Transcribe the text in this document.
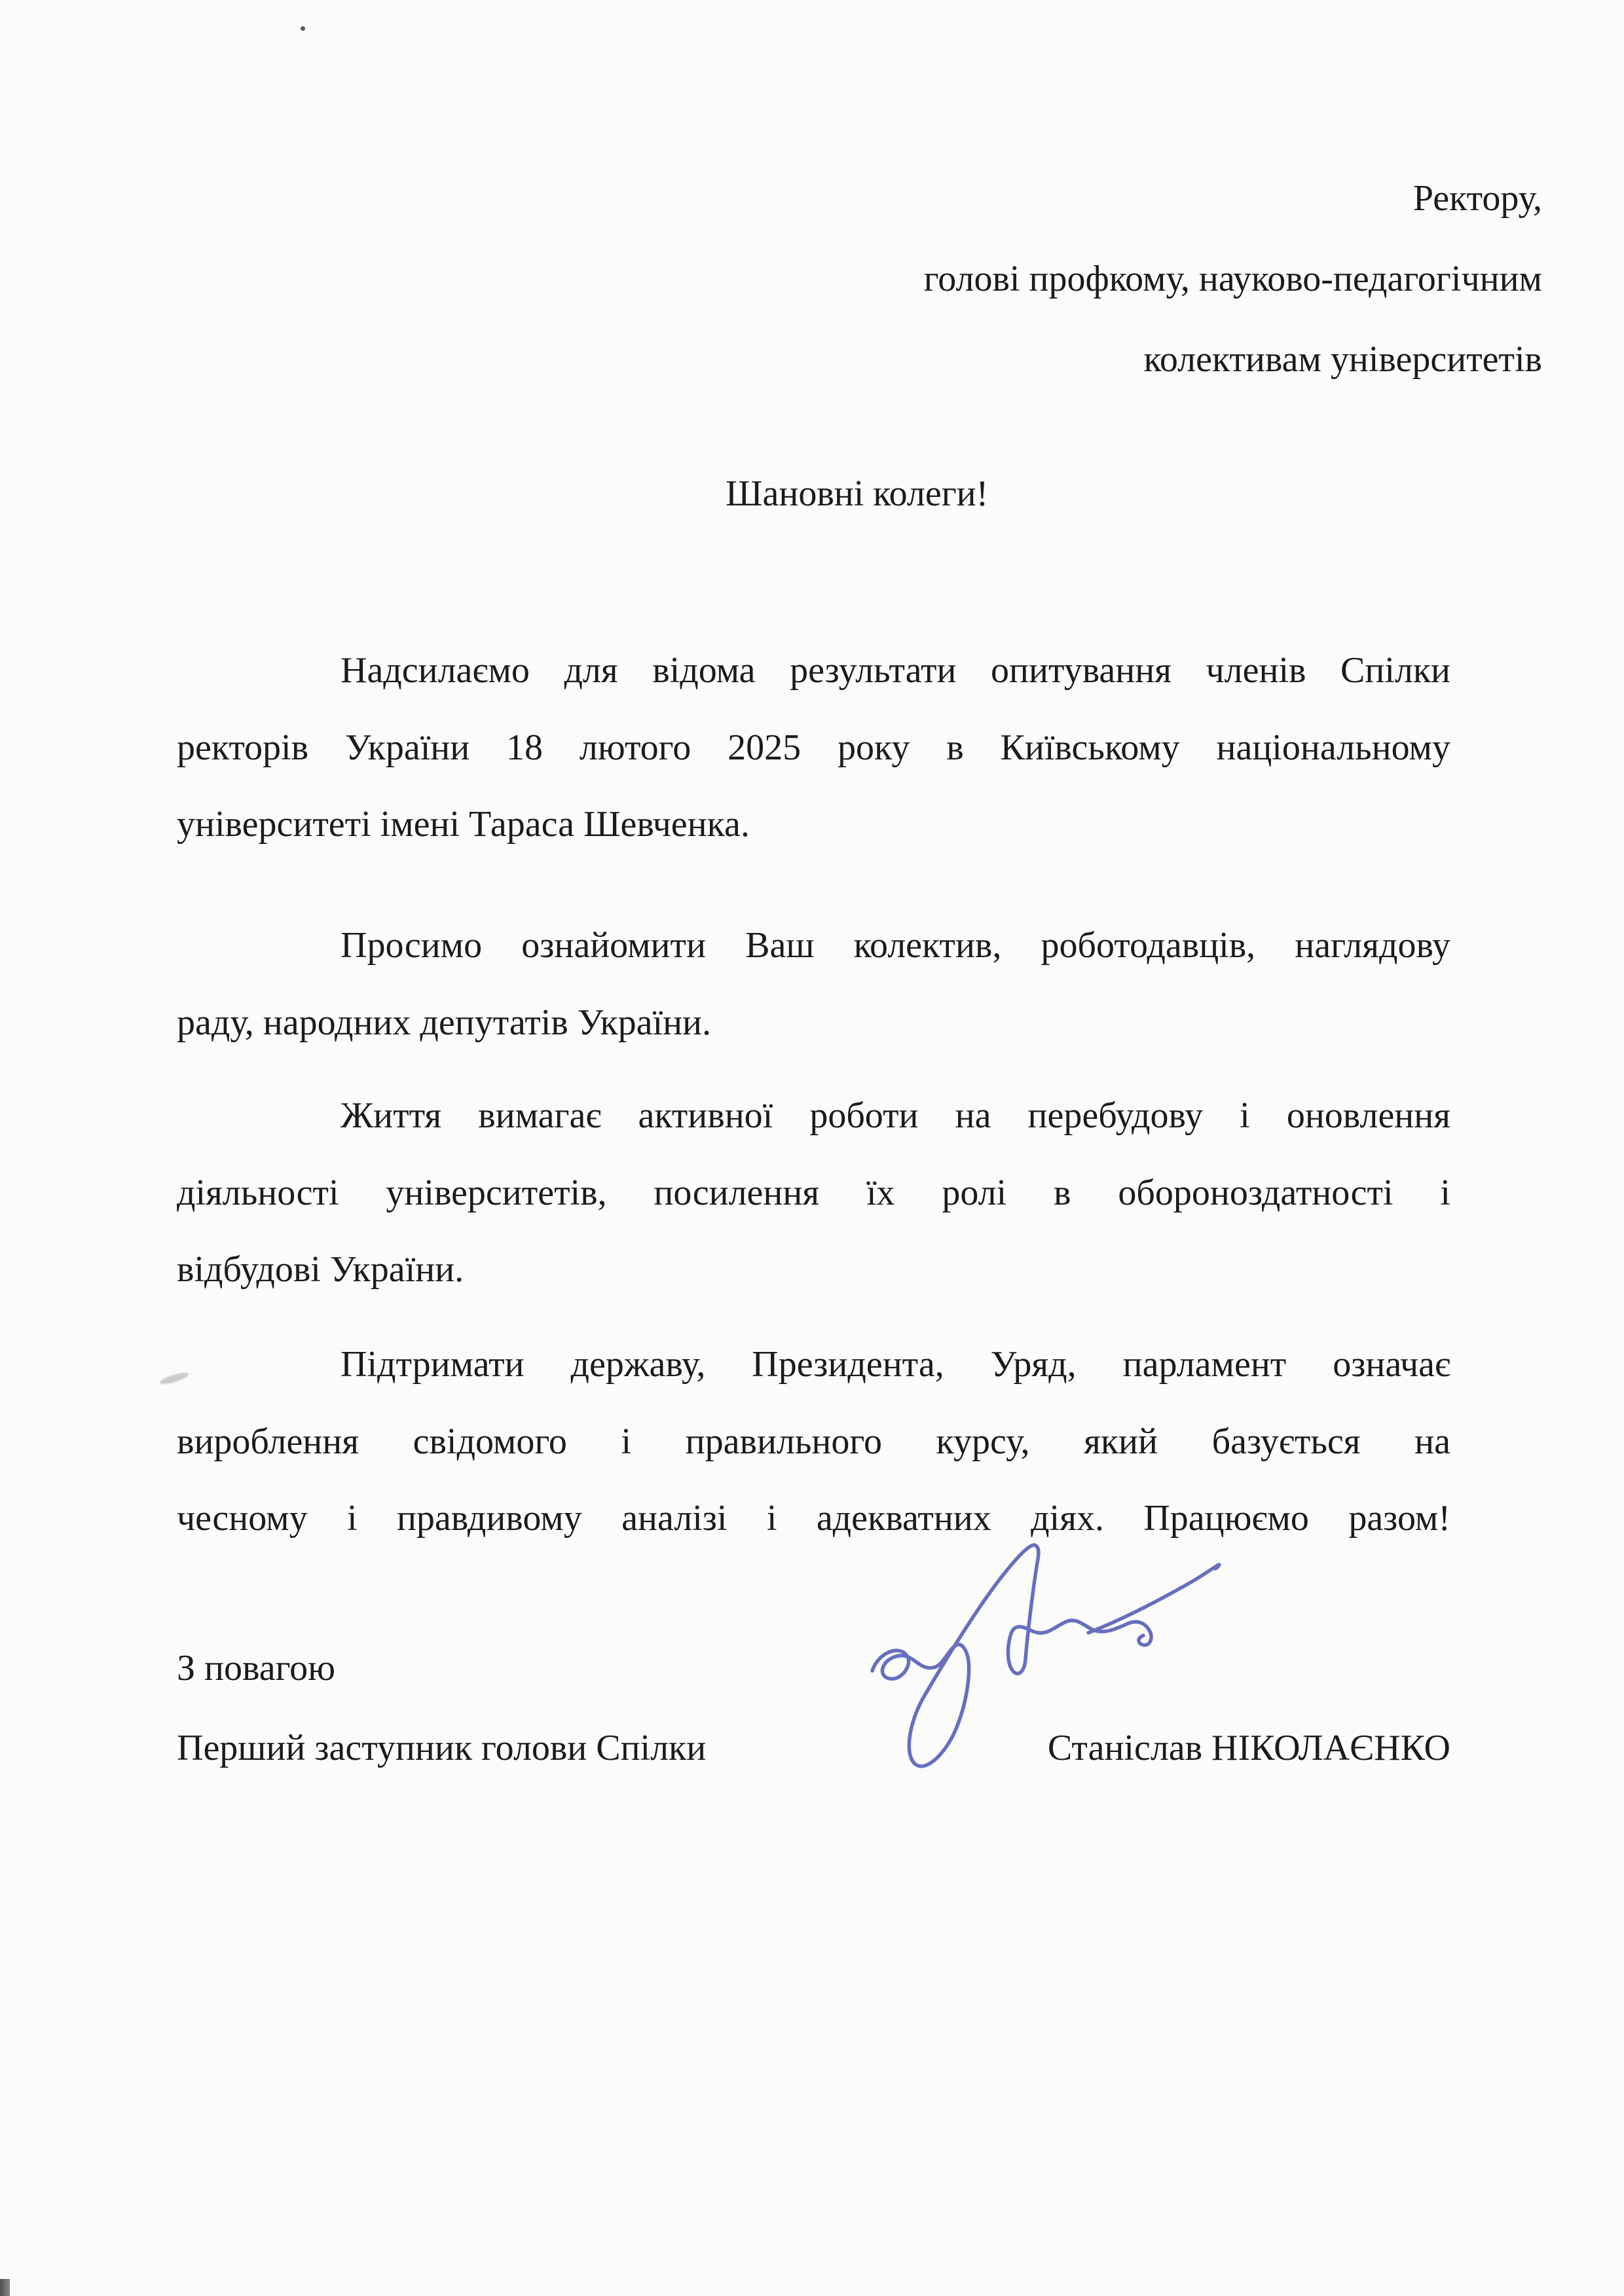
Ректору,
голові профкому, науково-педагогічним
колективам університетів
Шановні колеги!
Надсилаємо для відома результати опитування членів Спілки
ректорів України 18 лютого 2025 року в Київському національному
університеті імені Тараса Шевченка.
Просимо ознайомити Ваш колектив, роботодавців, наглядову
раду, народних депутатів України.
Життя вимагає активної роботи на перебудову і оновлення
діяльності університетів, посилення їх ролі в обороноздатності і
відбудові України.
Підтримати державу, Президента, Уряд, парламент означає
вироблення свідомого і правильного курсу, який базується на
чесному і правдивому аналізі і адекватних діях. Працюємо разом!
З повагою
Перший заступник голови Спілки	Станіслав НІКОЛАЄНКО
